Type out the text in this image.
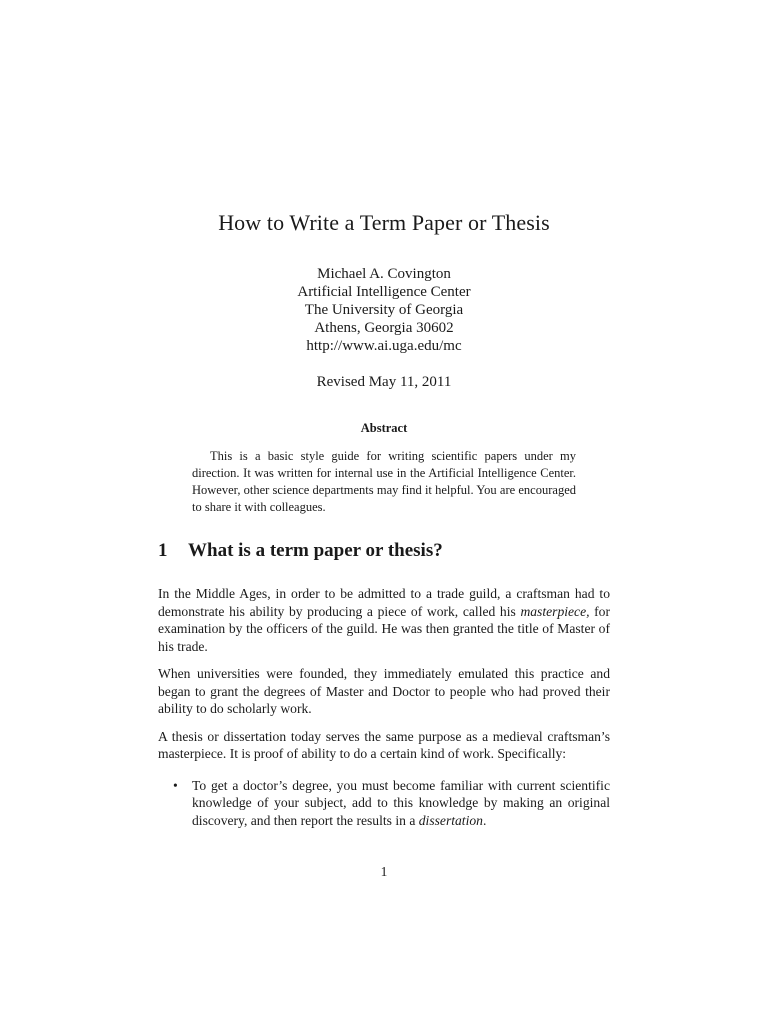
How to Write a Term Paper or Thesis
Michael A. Covington
Artificial Intelligence Center
The University of Georgia
Athens, Georgia 30602
http://www.ai.uga.edu/mc
Revised May 11, 2011
Abstract

This is a basic style guide for writing scientific papers under my direction. It was written for internal use in the Artificial Intelligence Center. However, other science departments may find it helpful. You are encouraged to share it with colleagues.

1 What is a term paper or thesis?

In the Middle Ages, in order to be admitted to a trade guild, a craftsman had to demonstrate his ability by producing a piece of work, called his masterpiece, for examination by the officers of the guild. He was then granted the title of Master of his trade.

When universities were founded, they immediately emulated this practice and began to grant the degrees of Master and Doctor to people who had proved their ability to do scholarly work.

A thesis or dissertation today serves the same purpose as a medieval craftsman’s masterpiece. It is proof of ability to do a certain kind of work. Specifically:

• To get a doctor’s degree, you must become familiar with current scientific knowledge of your subject, add to this knowledge by making an original discovery, and then report the results in a dissertation.
1
